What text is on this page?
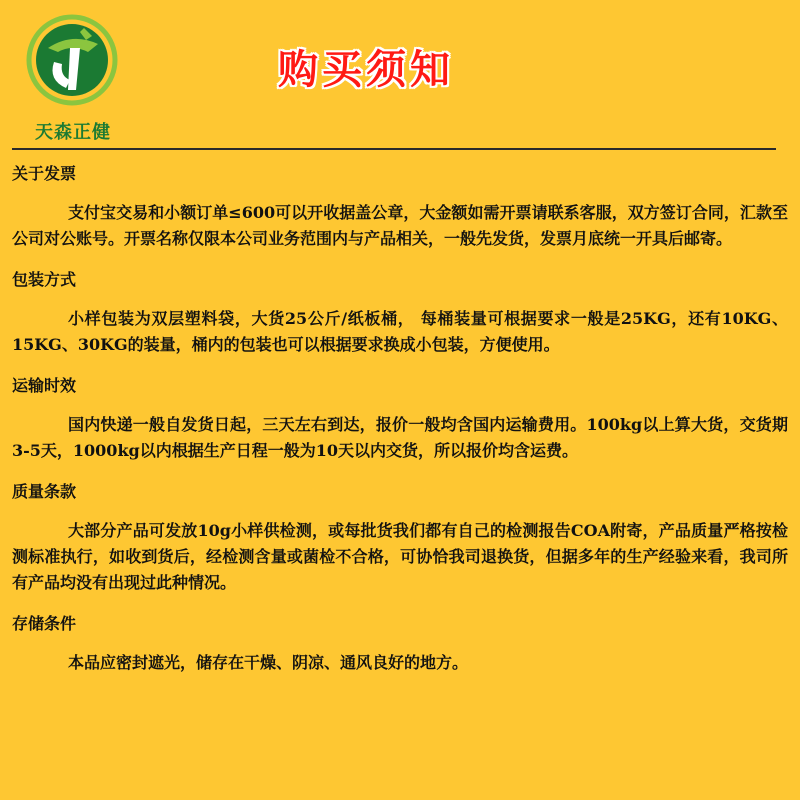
天森正健
购买须知

关于发票

支付宝交易和小额订单≤600可以开收据盖公章，大金额如需开票请联系客服，双方签订合同，汇款至公司对公账号。开票名称仅限本公司业务范围内与产品相关，一般先发货，发票月底统一开具后邮寄。

包装方式

小样包装为双层塑料袋，大货25公斤/纸板桶， 每桶装量可根据要求一般是25KG，还有10KG、15KG、30KG的装量，桶内的包装也可以根据要求换成小包装，方便使用。

运输时效

国内快递一般自发货日起，三天左右到达，报价一般均含国内运输费用。100kg以上算大货，交货期3-5天，1000kg以内根据生产日程一般为10天以内交货，所以报价均含运费。

质量条款

大部分产品可发放10g小样供检测，或每批货我们都有自己的检测报告COA附寄，产品质量严格按检测标准执行，如收到货后，经检测含量或菌检不合格，可协恰我司退换货，但据多年的生产经验来看，我司所有产品均没有出现过此种情况。

存储条件

本品应密封遮光，储存在干燥、阴凉、通风良好的地方。
